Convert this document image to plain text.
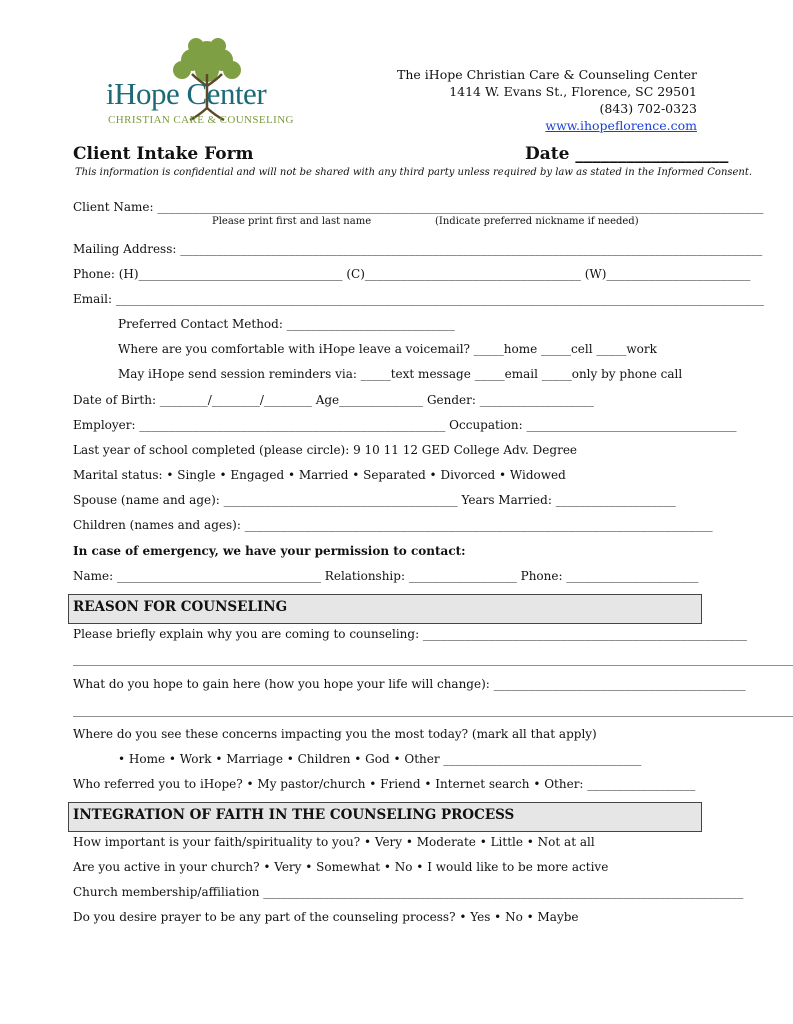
iHope Center
CHRISTIAN CARE & COUNSELING
The iHope Christian Care & Counseling Center
1414 W. Evans St., Florence, SC 29501
(843) 702-0323
www.ihopeflorence.com
Client Intake Form	Date __________________
This information is confidential and will not be shared with any third party unless required by law as stated in the Informed Consent.
Client Name: _____________________________________________________________________________________________________
Please print first and last name	(Indicate preferred nickname if needed)
Mailing Address: _________________________________________________________________________________________________
Phone: (H)__________________________________ (C)____________________________________ (W)________________________
Email: ____________________________________________________________________________________________________________
Preferred Contact Method: ____________________________
Where are you comfortable with iHope leave a voicemail? _____home _____cell _____work
May iHope send session reminders via: _____text message _____email _____only by phone call
Date of Birth: ________/________/________ Age______________ Gender: ___________________
Employer: ___________________________________________________ Occupation: ___________________________________
Last year of school completed (please circle): 9 10 11 12 GED College Adv. Degree
Marital status: • Single • Engaged • Married • Separated • Divorced • Widowed
Spouse (name and age): _______________________________________ Years Married: ____________________
Children (names and ages): ______________________________________________________________________________
In case of emergency, we have your permission to contact:
Name: __________________________________ Relationship: __________________ Phone: ______________________
REASON FOR COUNSELING
Please briefly explain why you are coming to counseling: ______________________________________________________
________________________________________________________________________________________________________________________
What do you hope to gain here (how you hope your life will change): __________________________________________
________________________________________________________________________________________________________________________
Where do you see these concerns impacting you the most today? (mark all that apply)
• Home • Work • Marriage • Children • God • Other _________________________________
Who referred you to iHope? • My pastor/church • Friend • Internet search • Other: __________________
INTEGRATION OF FAITH IN THE COUNSELING PROCESS
How important is your faith/spirituality to you? • Very • Moderate • Little • Not at all
Are you active in your church? • Very • Somewhat • No • I would like to be more active
Church membership/affiliation ________________________________________________________________________________
Do you desire prayer to be any part of the counseling process? • Yes • No • Maybe
